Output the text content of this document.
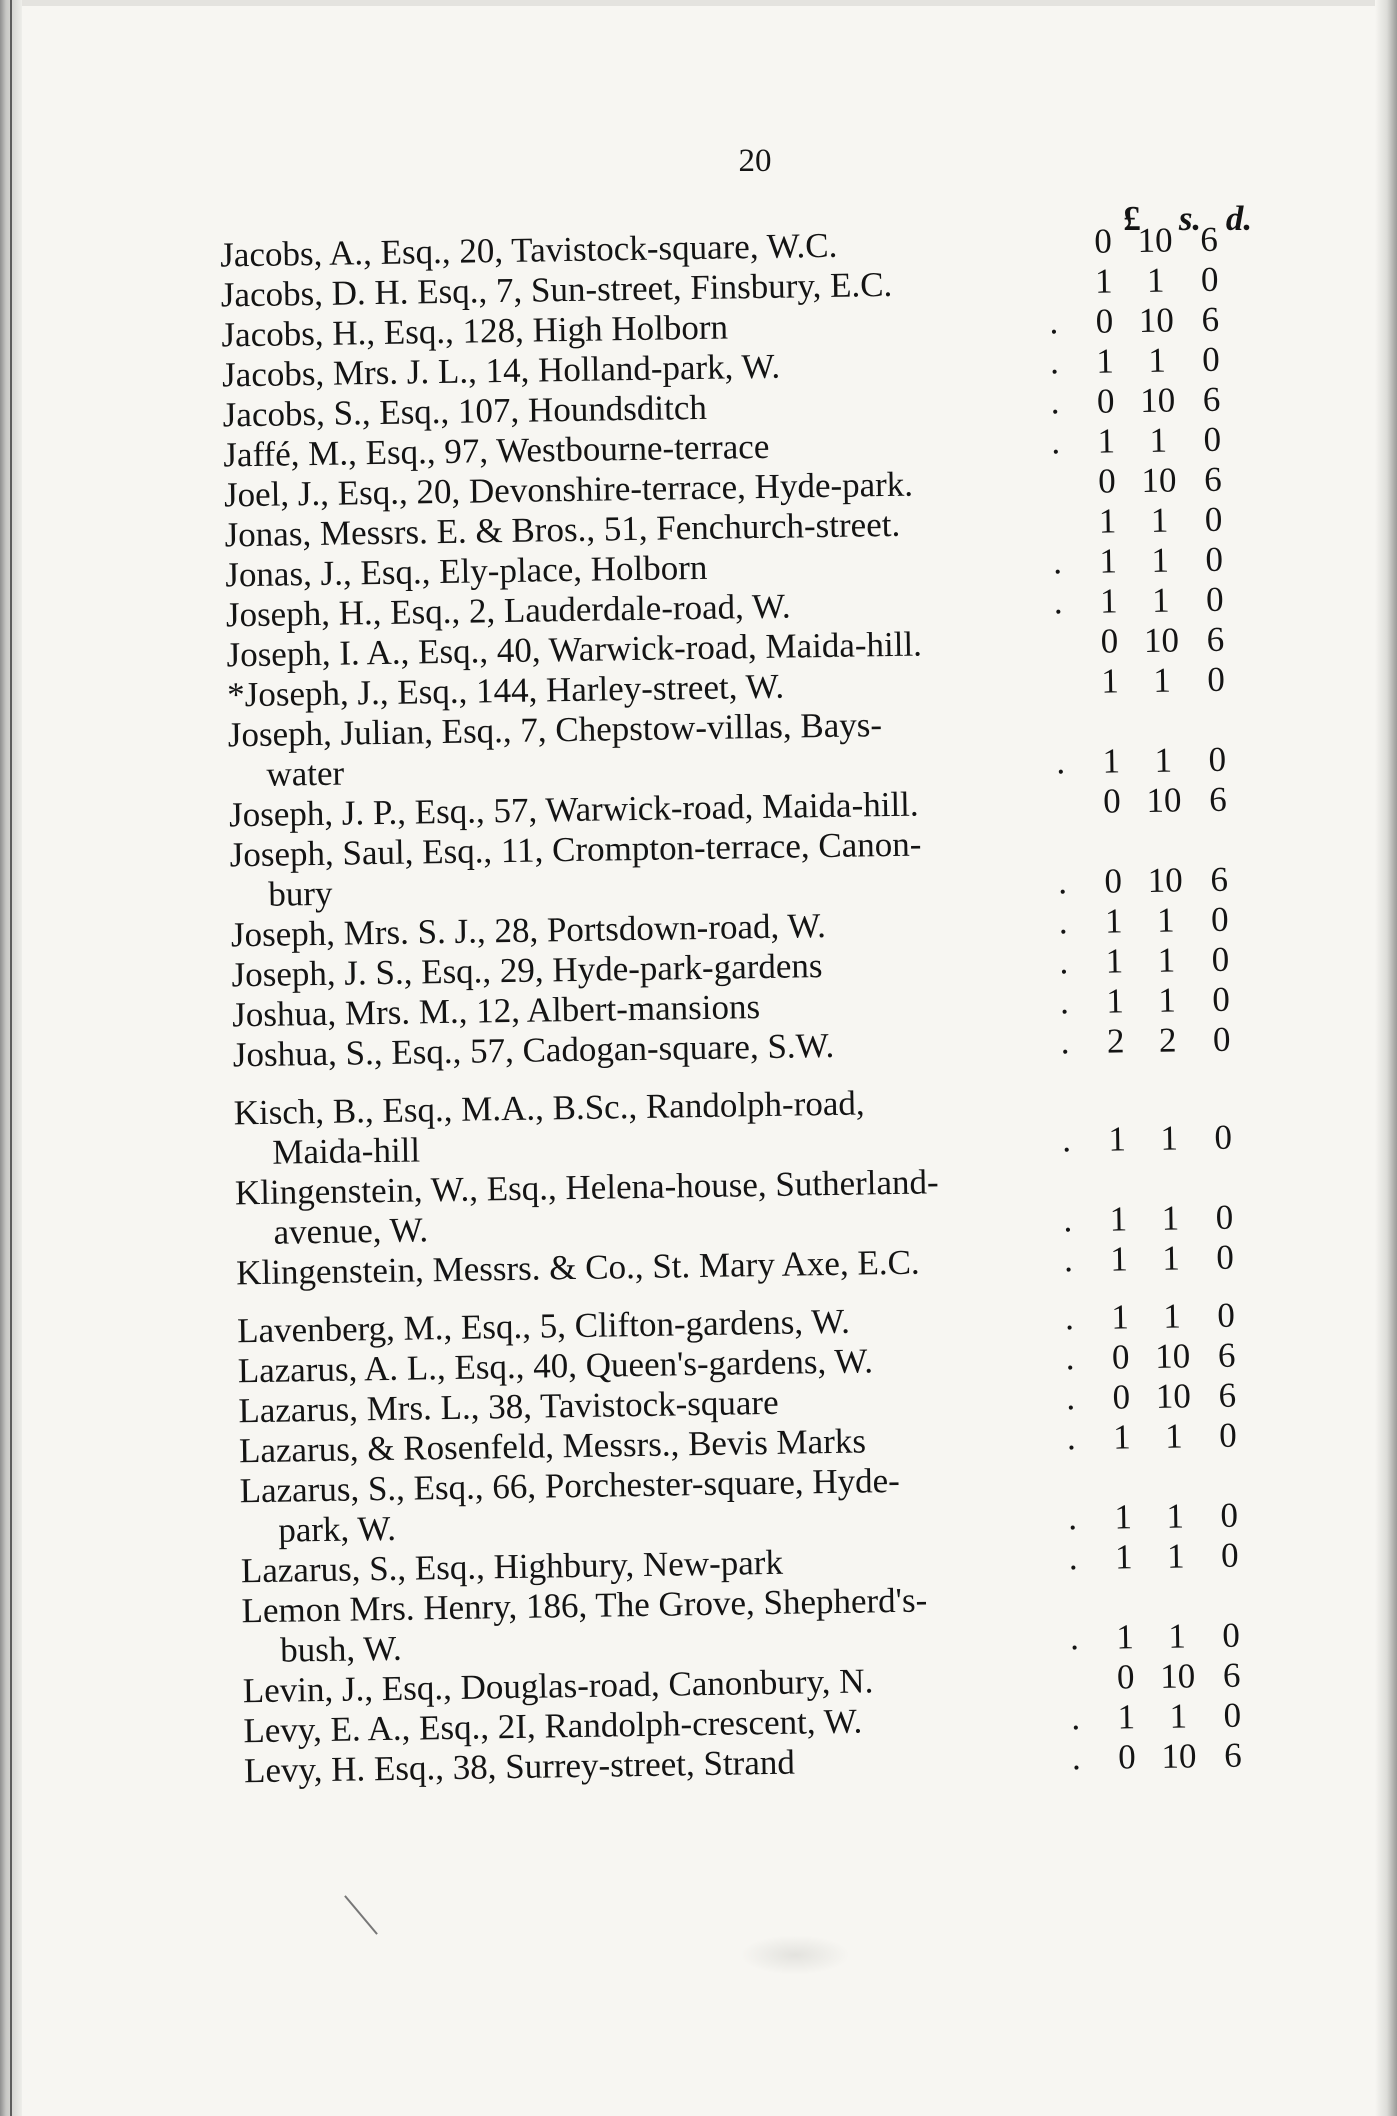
20
£	s. d.
Jacobs, A., Esq., 20, Tavistock-square, W.C.	0 10 6
Jacobs, D. H. Esq., 7, Sun-street, Finsbury, E.C.	1 1	0
Jacobs, H., Esq., 128, High Holborn	0 10 6
.
Jacobs, Mrs. J. L., 14, Holland-park, W.	1 1	0
.
Jacobs, S., Esq., 107, Houndsditch	0 10 6
.
Jaffé, M., Esq., 97, Westbourne-terrace	1 1	0
.
Joel, J., Esq., 20, Devonshire-terrace, Hyde-park.	0 10 6
Jonas, Messrs. E. & Bros., 51, Fenchurch-street.	1 1	0
Jonas, J., Esq., Ely-place, Holborn	1 1	0
.
Joseph, H., Esq., 2, Lauderdale-road, W.	1 1	0
.
Joseph, I. A., Esq., 40, Warwick-road, Maida-hill.	0 10 6
*Joseph, J., Esq., 144, Harley-street, W.	1 1	0
Joseph, Julian, Esq., 7, Chepstow-villas, Bays-
water	1 1	0
.
Joseph, J. P., Esq., 57, Warwick-road, Maida-hill.	0 10 6
Joseph, Saul, Esq., 11, Crompton-terrace, Canon-
bury	0 10 6
.
Joseph, Mrs. S. J., 28, Portsdown-road, W.	1 1	0
.
Joseph, J. S., Esq., 29, Hyde-park-gardens	1 1	0
.
Joshua, Mrs. M., 12, Albert-mansions	1 1	0
.
Joshua, S., Esq., 57, Cadogan-square, S.W.	2 2	0
.
Kisch, B., Esq., M.A., B.Sc., Randolph-road,
Maida-hill	1 1	0
.
Klingenstein, W., Esq., Helena-house, Sutherland-
avenue, W.	1 1	0
.
Klingenstein, Messrs. & Co., St. Mary Axe, E.C.	1 1	0
.
Lavenberg, M., Esq., 5, Clifton-gardens, W.	1 1	0
.
Lazarus, A. L., Esq., 40, Queen's-gardens, W.	0 10 6
.
Lazarus, Mrs. L., 38, Tavistock-square	0 10 6
.
Lazarus, & Rosenfeld, Messrs., Bevis Marks	1 1	0
.
Lazarus, S., Esq., 66, Porchester-square, Hyde-
park, W.	1 1	0
.
Lazarus, S., Esq., Highbury, New-park	1 1	0
.
Lemon Mrs. Henry, 186, The Grove, Shepherd's-
bush, W.	1 1	0
.
Levin, J., Esq., Douglas-road, Canonbury, N.	0 10 6
Levy, E. A., Esq., 2I, Randolph-crescent, W.	1 1	0
.
Levy, H. Esq., 38, Surrey-street, Strand	0 10 6
.
